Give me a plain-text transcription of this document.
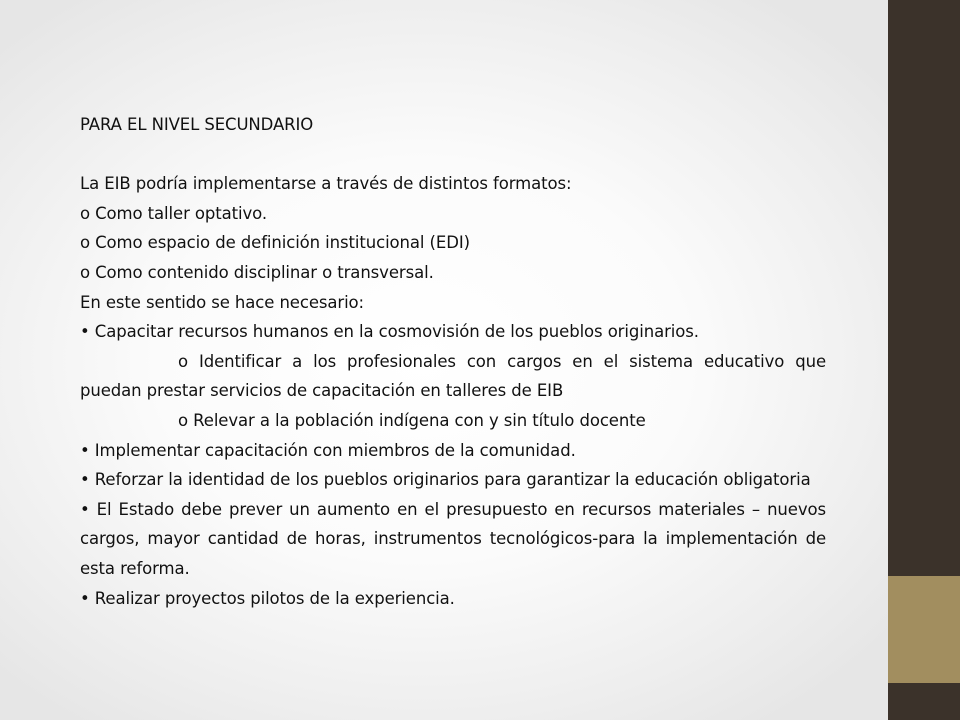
PARA EL NIVEL SECUNDARIO

La EIB podría implementarse a través de distintos formatos:

o Como taller optativo.

o Como espacio de definición institucional (EDI)

o Como contenido disciplinar o transversal.

En este sentido se hace necesario:

• Capacitar recursos humanos en la cosmovisión de los pueblos originarios.

o Identificar a los profesionales con cargos en el sistema educativo que puedan prestar servicios de capacitación en talleres de EIB

o Relevar a la población indígena con y sin título docente

• Implementar capacitación con miembros de la comunidad.

• Reforzar la identidad de los pueblos originarios para garantizar la educación obligatoria

• El Estado debe prever un aumento en el presupuesto en recursos materiales – nuevos cargos, mayor cantidad de horas, instrumentos tecnológicos-para la implementación de esta reforma.

• Realizar proyectos pilotos de la experiencia.
